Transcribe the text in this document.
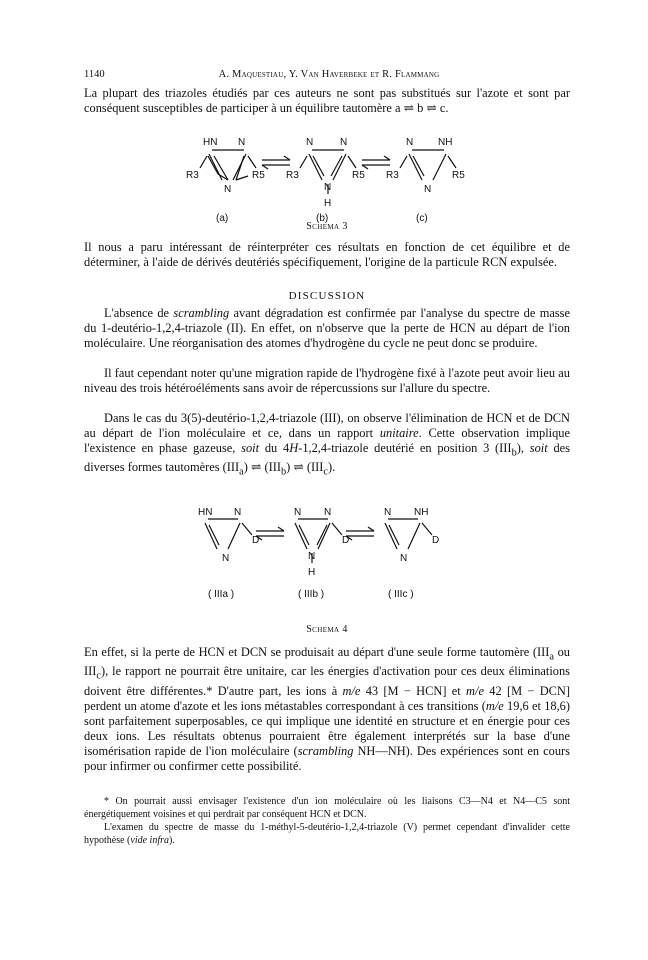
1140	A. Maquestiau, Y. Van Haverbeke et R. Flammang

La plupart des triazoles étudiés par ces auteurs ne sont pas substitués sur l'azote et sont par conséquent susceptibles de participer à un équilibre tautomère a ⇌ b ⇌ c.

HN N
R3	R5
N
N	N
R3	R5
N
H
N NH
R3	R5
N
(a)	(b)	(c)
Schema 3

Il nous a paru intéressant de réinterpréter ces résultats en fonction de cet équilibre et de déterminer, à l'aide de dérivés deutériés spécifiquement, l'origine de la particule RCN expulsée.

DISCUSSION

L'absence de scrambling avant dégradation est confirmée par l'analyse du spectre de masse du 1-deutério-1,2,4-triazole (II). En effet, on n'observe que la perte de HCN au départ de l'ion moléculaire. Une réorganisation des atomes d'hydrogène du cycle ne peut donc se produire.

Il faut cependant noter qu'une migration rapide de l'hydrogène fixé à l'azote peut avoir lieu au niveau des trois hétéroéléments sans avoir de répercussions sur l'allure du spectre.

Dans le cas du 3(5)-deutério-1,2,4-triazole (III), on observe l'élimination de HCN et de DCN au départ de l'ion moléculaire et ce, dans un rapport unitaire. Cette observation implique l'existence en phase gazeuse, soit du 4H-1,2,4-triazole deutérié en position 3 $(III_b)$, soit des diverses formes tautomères $(III_a)$ ⇌ $(III_b)$ ⇌ $(III_c)$.

HN N
D
N
N N
D
N
H
N NH
D
N
( IIIa )	( IIIb )	( IIIc )
Schema 4

En effet, si la perte de HCN et DCN se produisait au départ d'une seule forme tautomère ($III_a$ ou $III_c$), le rapport ne pourrait être unitaire, car les énergies d'activation pour ces deux éliminations doivent être différentes.* D'autre part, les ions à m/e 43 [M − HCN] et m/e 42 [M − DCN] perdent un atome d'azote et les ions métastables correspondant à ces transitions (m/e 19,6 et 18,6) sont parfaitement superposables, ce qui implique une identité en structure et en énergie pour ces deux ions. Les résultats obtenus pourraient être également interprétés sur la base d'une isomérisation rapide de l'ion moléculaire (scrambling NH—NH). Des expériences sont en cours pour infirmer ou confirmer cette possibilité.

* On pourrait aussi envisager l'existence d'un ion moléculaire où les liaisons C3—N4 et N4—C5 sont énergétiquement voisines et qui perdrait par conséquent HCN et DCN.

L'examen du spectre de masse du 1-méthyl-5-deutério-1,2,4-triazole (V) permet cependant d'invalider cette hypothèse (vide infra).
